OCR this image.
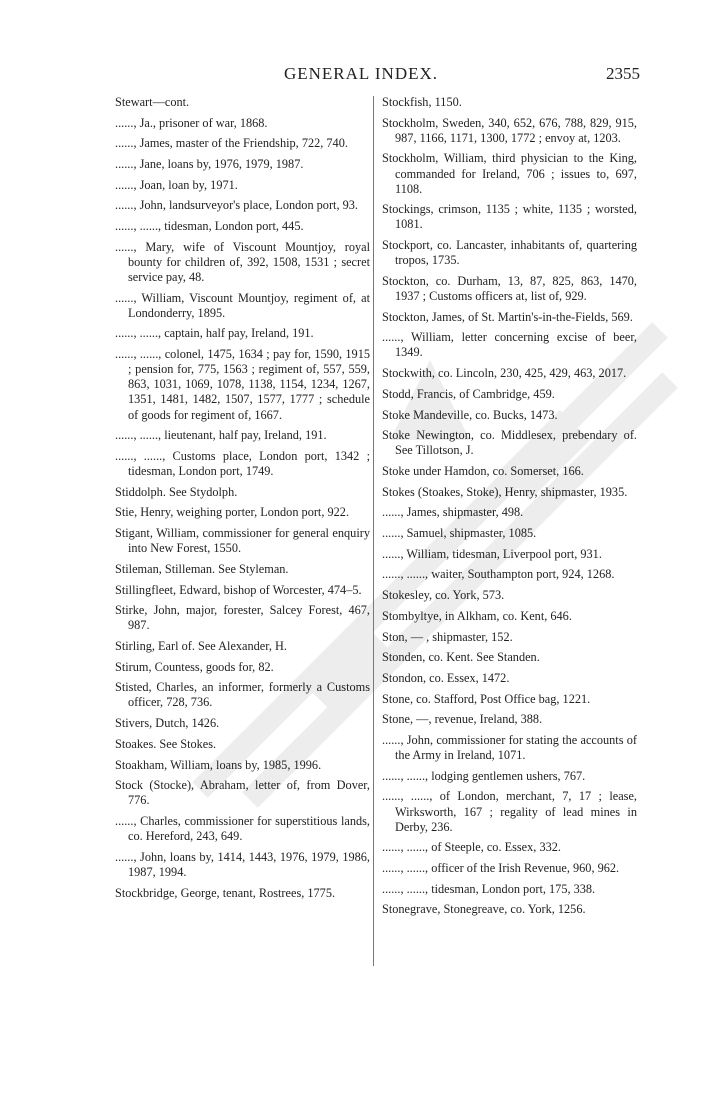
GENERAL INDEX.	2355

Stewart—cont.

......, Ja., prisoner of war, 1868.

......, James, master of the Friendship, 722, 740.

......, Jane, loans by, 1976, 1979, 1987.

......, Joan, loan by, 1971.

......, John, landsurveyor's place, London port, 93.

......, ......, tidesman, London port, 445.

......, Mary, wife of Viscount Mountjoy, royal bounty for children of, 392, 1508, 1531 ; secret service pay, 48.

......, William, Viscount Mountjoy, regiment of, at Londonderry, 1895.

......, ......, captain, half pay, Ireland, 191.

......, ......, colonel, 1475, 1634 ; pay for, 1590, 1915 ; pension for, 775, 1563 ; regiment of, 557, 559, 863, 1031, 1069, 1078, 1138, 1154, 1234, 1267, 1351, 1481, 1482, 1507, 1577, 1777 ; schedule of goods for regiment of, 1667.

......, ......, lieutenant, half pay, Ireland, 191.

......, ......, Customs place, London port, 1342 ; tidesman, London port, 1749.

Stiddolph. See Stydolph.

Stie, Henry, weighing porter, London port, 922.

Stigant, William, commissioner for general enquiry into New Forest, 1550.

Stileman, Stilleman. See Styleman.

Stillingfleet, Edward, bishop of Worcester, 474–5.

Stirke, John, major, forester, Salcey Forest, 467, 987.

Stirling, Earl of. See Alexander, H.

Stirum, Countess, goods for, 82.

Stisted, Charles, an informer, formerly a Customs officer, 728, 736.

Stivers, Dutch, 1426.

Stoakes. See Stokes.

Stoakham, William, loans by, 1985, 1996.

Stock (Stocke), Abraham, letter of, from Dover, 776.

......, Charles, commissioner for superstitious lands, co. Hereford, 243, 649.

......, John, loans by, 1414, 1443, 1976, 1979, 1986, 1987, 1994.

Stockbridge, George, tenant, Rostrees, 1775.

Stockfish, 1150.

Stockholm, Sweden, 340, 652, 676, 788, 829, 915, 987, 1166, 1171, 1300, 1772 ; envoy at, 1203.

Stockholm, William, third physician to the King, commanded for Ireland, 706 ; issues to, 697, 1108.

Stockings, crimson, 1135 ; white, 1135 ; worsted, 1081.

Stockport, co. Lancaster, inhabitants of, quartering tropos, 1735.

Stockton, co. Durham, 13, 87, 825, 863, 1470, 1937 ; Customs officers at, list of, 929.

Stockton, James, of St. Martin's-in-the-Fields, 569.

......, William, letter concerning excise of beer, 1349.

Stockwith, co. Lincoln, 230, 425, 429, 463, 2017.

Stodd, Francis, of Cambridge, 459.

Stoke Mandeville, co. Bucks, 1473.

Stoke Newington, co. Middlesex, prebendary of. See Tillotson, J.

Stoke under Hamdon, co. Somerset, 166.

Stokes (Stoakes, Stoke), Henry, shipmaster, 1935.

......, James, shipmaster, 498.

......, Samuel, shipmaster, 1085.

......, William, tidesman, Liverpool port, 931.

......, ......, waiter, Southampton port, 924, 1268.

Stokesley, co. York, 573.

Stombyltye, in Alkham, co. Kent, 646.

Ston, — , shipmaster, 152.

Stonden, co. Kent. See Standen.

Stondon, co. Essex, 1472.

Stone, co. Stafford, Post Office bag, 1221.

Stone, —, revenue, Ireland, 388.

......, John, commissioner for stating the accounts of the Army in Ireland, 1071.

......, ......, lodging gentlemen ushers, 767.

......, ......, of London, merchant, 7, 17 ; lease, Wirksworth, 167 ; regality of lead mines in Derby, 236.

......, ......, of Steeple, co. Essex, 332.

......, ......, officer of the Irish Revenue, 960, 962.

......, ......, tidesman, London port, 175, 338.

Stonegrave, Stonegreave, co. York, 1256.
